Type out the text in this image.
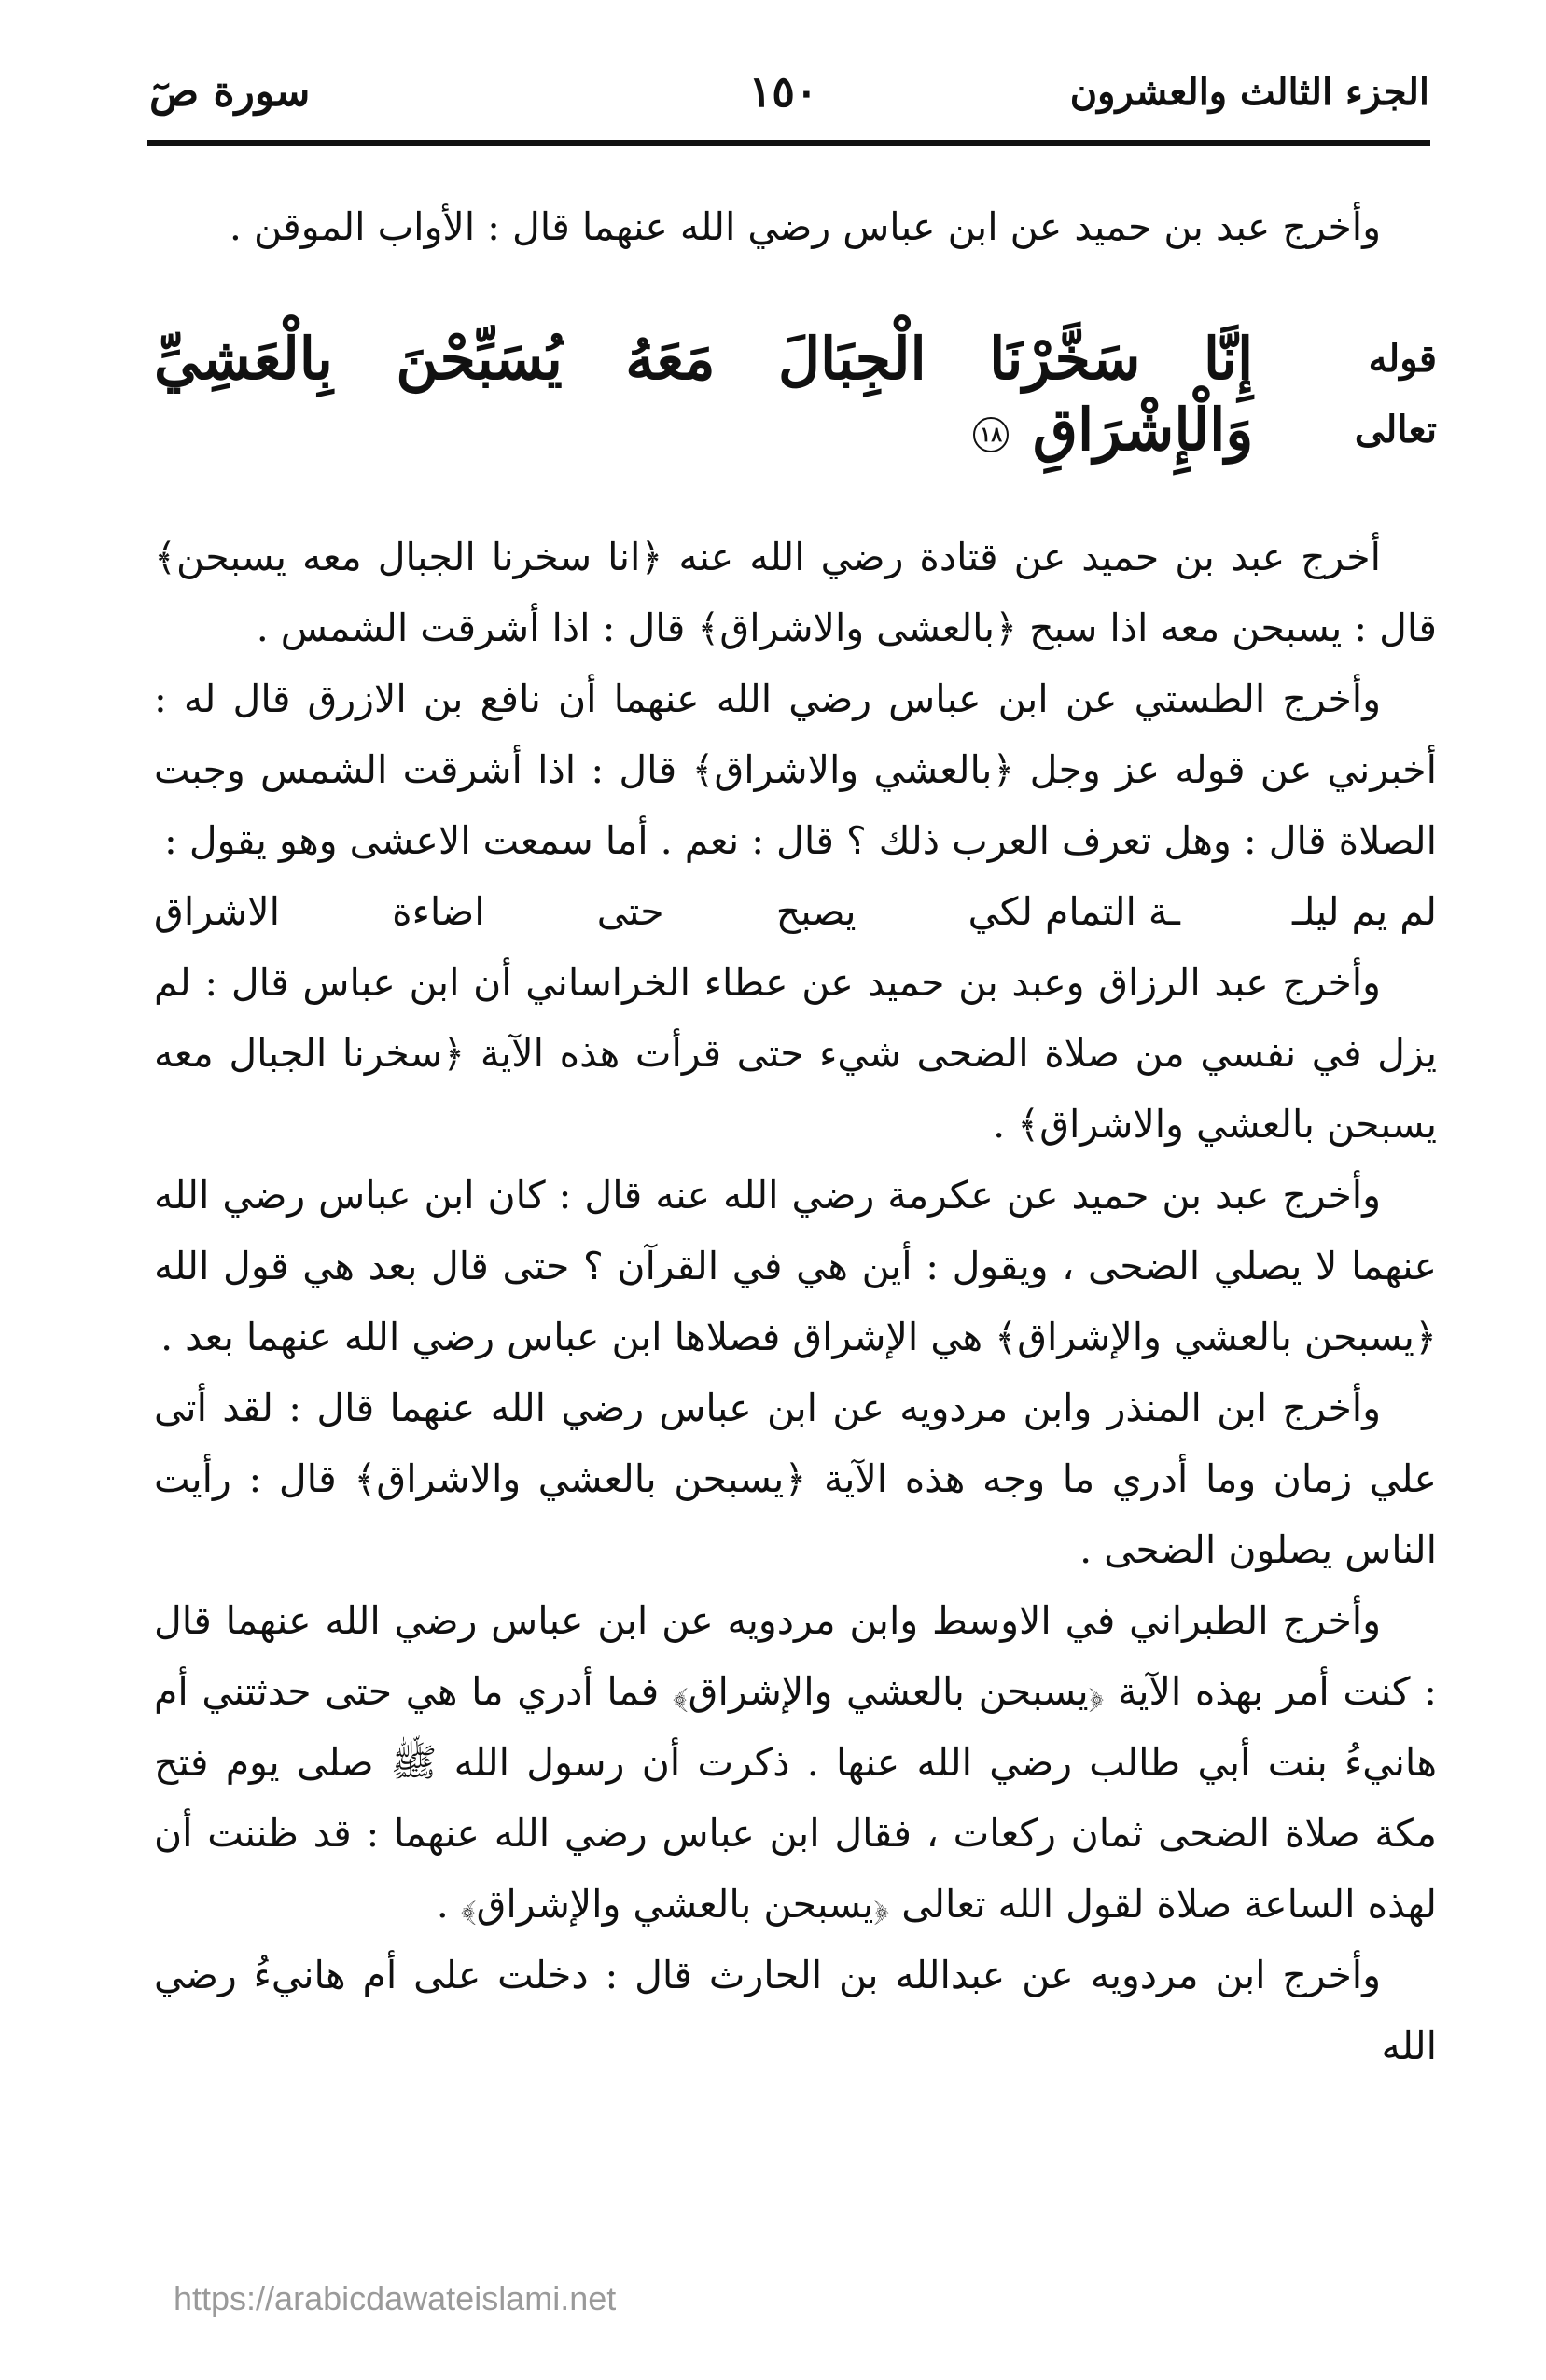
الجزء الثالث والعشرون
١٥٠
سورة صٓ

وأخرج عبد بن حميد عن ابن عباس رضي الله عنهما قال : الأواب الموقن .

قوله تعالى
إِنَّا سَخَّرْنَا الْجِبَالَ مَعَهُ يُسَبِّحْنَ بِالْعَشِيِّ وَالْإِشْرَاقِ ١٨

أخرج عبد بن حميد عن قتادة رضي الله عنه ﴿انا سخرنا الجبال معه يسبحن﴾ قال : يسبحن معه اذا سبح ﴿بالعشى والاشراق﴾ قال : اذا أشرقت الشمس .

وأخرج الطستي عن ابن عباس رضي الله عنهما أن نافع بن الازرق قال له : أخبرني عن قوله عز وجل ﴿بالعشي والاشراق﴾ قال : اذا أشرقت الشمس وجبت الصلاة قال : وهل تعرف العرب ذلك ؟ قال : نعم . أما سمعت الاعشى وهو يقول :

لم يم ليلـ
ـة التمام لكي
يصبح
حتى
اضاءة
الاشراق

وأخرج عبد الرزاق وعبد بن حميد عن عطاء الخراساني أن ابن عباس قال : لم يزل في نفسي من صلاة الضحى شيء حتى قرأت هذه الآية ﴿سخرنا الجبال معه يسبحن بالعشي والاشراق﴾ .

وأخرج عبد بن حميد عن عكرمة رضي الله عنه قال : كان ابن عباس رضي الله عنهما لا يصلي الضحى ، ويقول : أين هي في القرآن ؟ حتى قال بعد هي قول الله ﴿يسبحن بالعشي والإشراق﴾ هي الإشراق فصلاها ابن عباس رضي الله عنهما بعد .

وأخرج ابن المنذر وابن مردويه عن ابن عباس رضي الله عنهما قال : لقد أتى علي زمان وما أدري ما وجه هذه الآية ﴿يسبحن بالعشي والاشراق﴾ قال : رأيت الناس يصلون الضحى .

وأخرج الطبراني في الاوسط وابن مردويه عن ابن عباس رضي الله عنهما قال : كنت أمر بهذه الآية ﴿يسبحن بالعشي والإشراق﴾ فما أدري ما هي حتى حدثتني أم هانيءُ بنت أبي طالب رضي الله عنها . ذكرت أن رسول الله ﷺ صلى يوم فتح مكة صلاة الضحى ثمان ركعات ، فقال ابن عباس رضي الله عنهما : قد ظننت أن لهذه الساعة صلاة لقول الله تعالى ﴿يسبحن بالعشي والإشراق﴾ .

وأخرج ابن مردويه عن عبدالله بن الحارث قال : دخلت على أم هانيءُ رضي الله

https://arabicdawateislami.net
